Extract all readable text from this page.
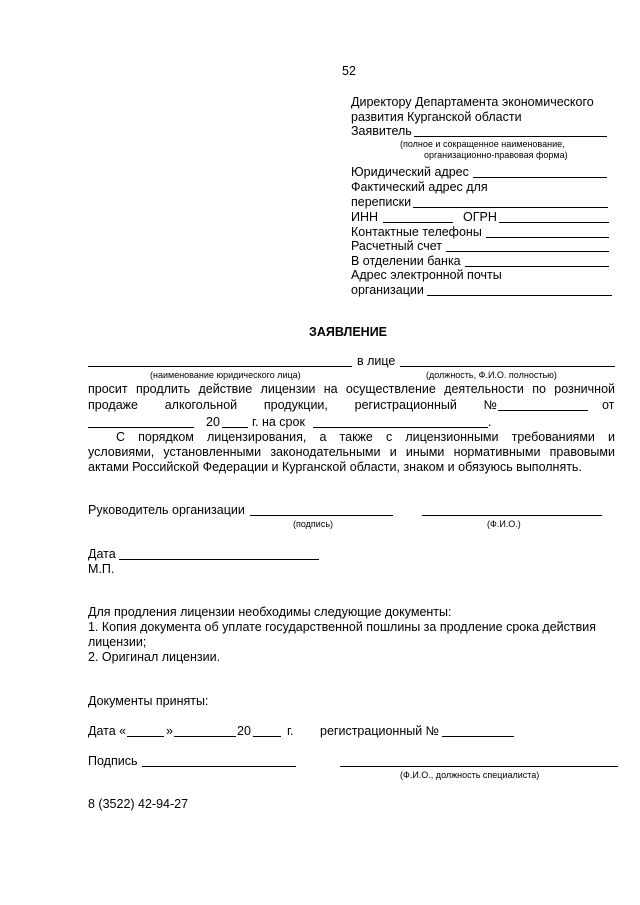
52
Директору Департамента экономического
развития Курганской области
Заявитель
(полное и сокращенное наименование,
организационно-правовая форма)
Юридический адрес
Фактический адрес для
переписки
ИНН	ОГРН
Контактные телефоны
Расчетный счет
В отделении банка
Адрес электронной почты
организации
ЗАЯВЛЕНИЕ
в лице
(наименование юридического лица)	(должность, Ф.И.О. полностью)
просит продлить действие лицензии на осуществление деятельности по розничной
продаже алкогольной продукции, регистрационный №	от
20	г. на срок	.
С порядком лицензирования, а также с лицензионными требованиями и
условиями, установленными законодательными и иными нормативными правовыми
актами Российской Федерации и Курганской области, знаком и обязуюсь выполнять.
Руководитель организации
(подпись)	(Ф.И.О.)
Дата
М.П.
Для продления лицензии необходимы следующие документы:
1. Копия документа об уплате государственной пошлины за продление срока действия
лицензии;
2. Оригинал лицензии.
Документы приняты:
Дата «	»	20	г. регистрационный №
Подпись
(Ф.И.О., должность специалиста)
8 (3522) 42-94-27
